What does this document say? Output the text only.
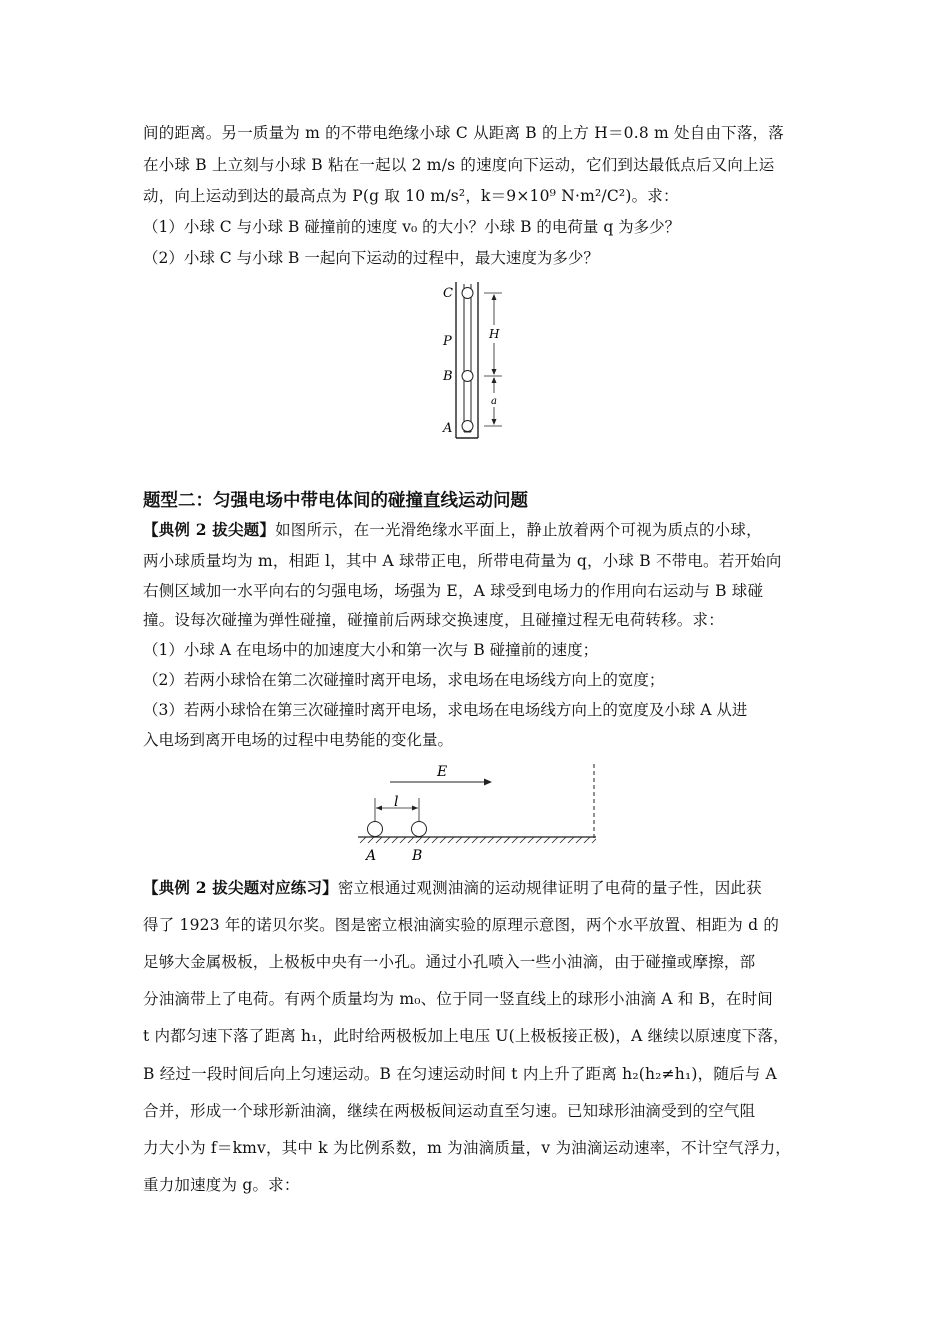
间的距离。另一质量为 m 的不带电绝缘小球 C 从距离 B 的上方 H＝0.8 m 处自由下落，落
在小球 B 上立刻与小球 B 粘在一起以 2 m/s 的速度向下运动，它们到达最低点后又向上运
动，向上运动到达的最高点为 P(g 取 10 m/s²，k＝9×10⁹ N·m²/C²)。求：
（1）小球 C 与小球 B 碰撞前的速度 v₀ 的大小？小球 B 的电荷量 q 为多少？
（2）小球 C 与小球 B 一起向下运动的过程中，最大速度为多少？
C
P
B
A
H
a
题型二：匀强电场中带电体间的碰撞直线运动问题
【典例 2 拔尖题】如图所示，在一光滑绝缘水平面上，静止放着两个可视为质点的小球，
两小球质量均为 m，相距 l，其中 A 球带正电，所带电荷量为 q，小球 B 不带电。若开始向
右侧区域加一水平向右的匀强电场，场强为 E，A 球受到电场力的作用向右运动与 B 球碰
撞。设每次碰撞为弹性碰撞，碰撞前后两球交换速度，且碰撞过程无电荷转移。求：
（1）小球 A 在电场中的加速度大小和第一次与 B 碰撞前的速度；
（2）若两小球恰在第二次碰撞时离开电场，求电场在电场线方向上的宽度；
（3）若两小球恰在第三次碰撞时离开电场，求电场在电场线方向上的宽度及小球 A 从进
入电场到离开电场的过程中电势能的变化量。
E
l
A	B
【典例 2 拔尖题对应练习】密立根通过观测油滴的运动规律证明了电荷的量子性，因此获
得了 1923 年的诺贝尔奖。图是密立根油滴实验的原理示意图，两个水平放置、相距为 d 的
足够大金属极板，上极板中央有一小孔。通过小孔喷入一些小油滴，由于碰撞或摩擦，部
分油滴带上了电荷。有两个质量均为 m₀、位于同一竖直线上的球形小油滴 A 和 B，在时间
t 内都匀速下落了距离 h₁，此时给两极板加上电压 U(上极板接正极)，A 继续以原速度下落，
B 经过一段时间后向上匀速运动。B 在匀速运动时间 t 内上升了距离 h₂(h₂≠h₁)，随后与 A
合并，形成一个球形新油滴，继续在两极板间运动直至匀速。已知球形油滴受到的空气阻
力大小为 f＝kmv，其中 k 为比例系数，m 为油滴质量，v 为油滴运动速率，不计空气浮力，
重力加速度为 g。求：
